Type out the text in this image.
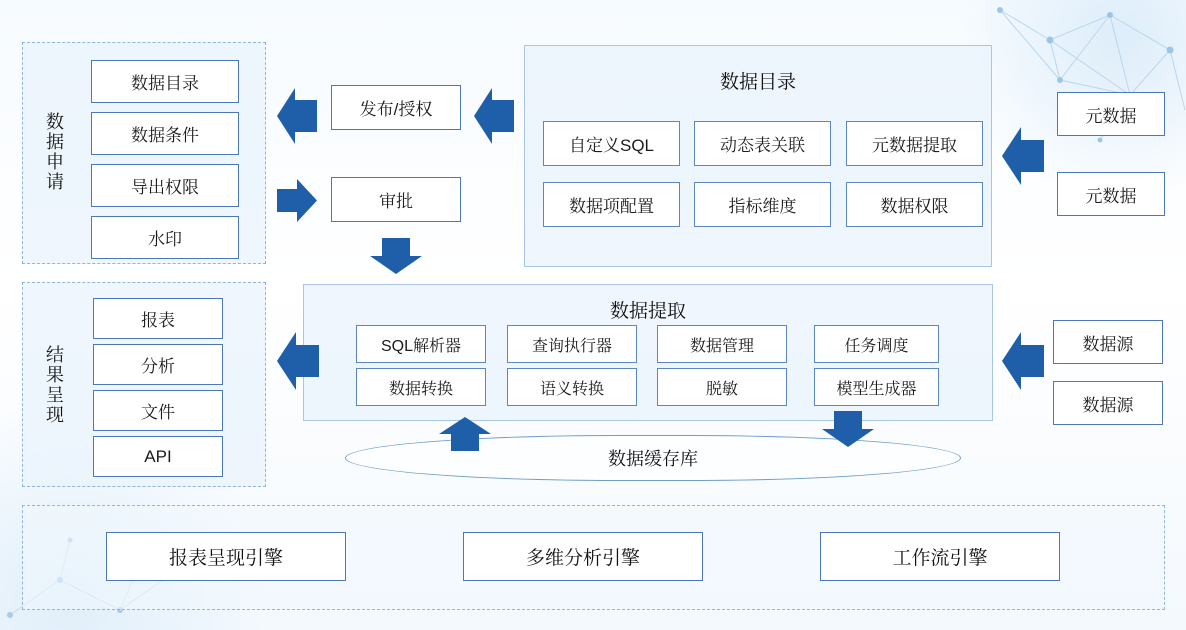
数据申请
数据目录
数据条件
导出权限
水印
结果呈现
报表
分析
文件
API
发布/授权
审批
数据目录
自定义SQL	动态表关联	元数据提取
数据项配置	指标维度	数据权限
数据提取
SQL解析器	查询执行器	数据管理	任务调度
数据转换	语义转换	脱敏	模型生成器
数据缓存库
元数据
元数据
数据源
数据源
报表呈现引擎	多维分析引擎	工作流引擎
